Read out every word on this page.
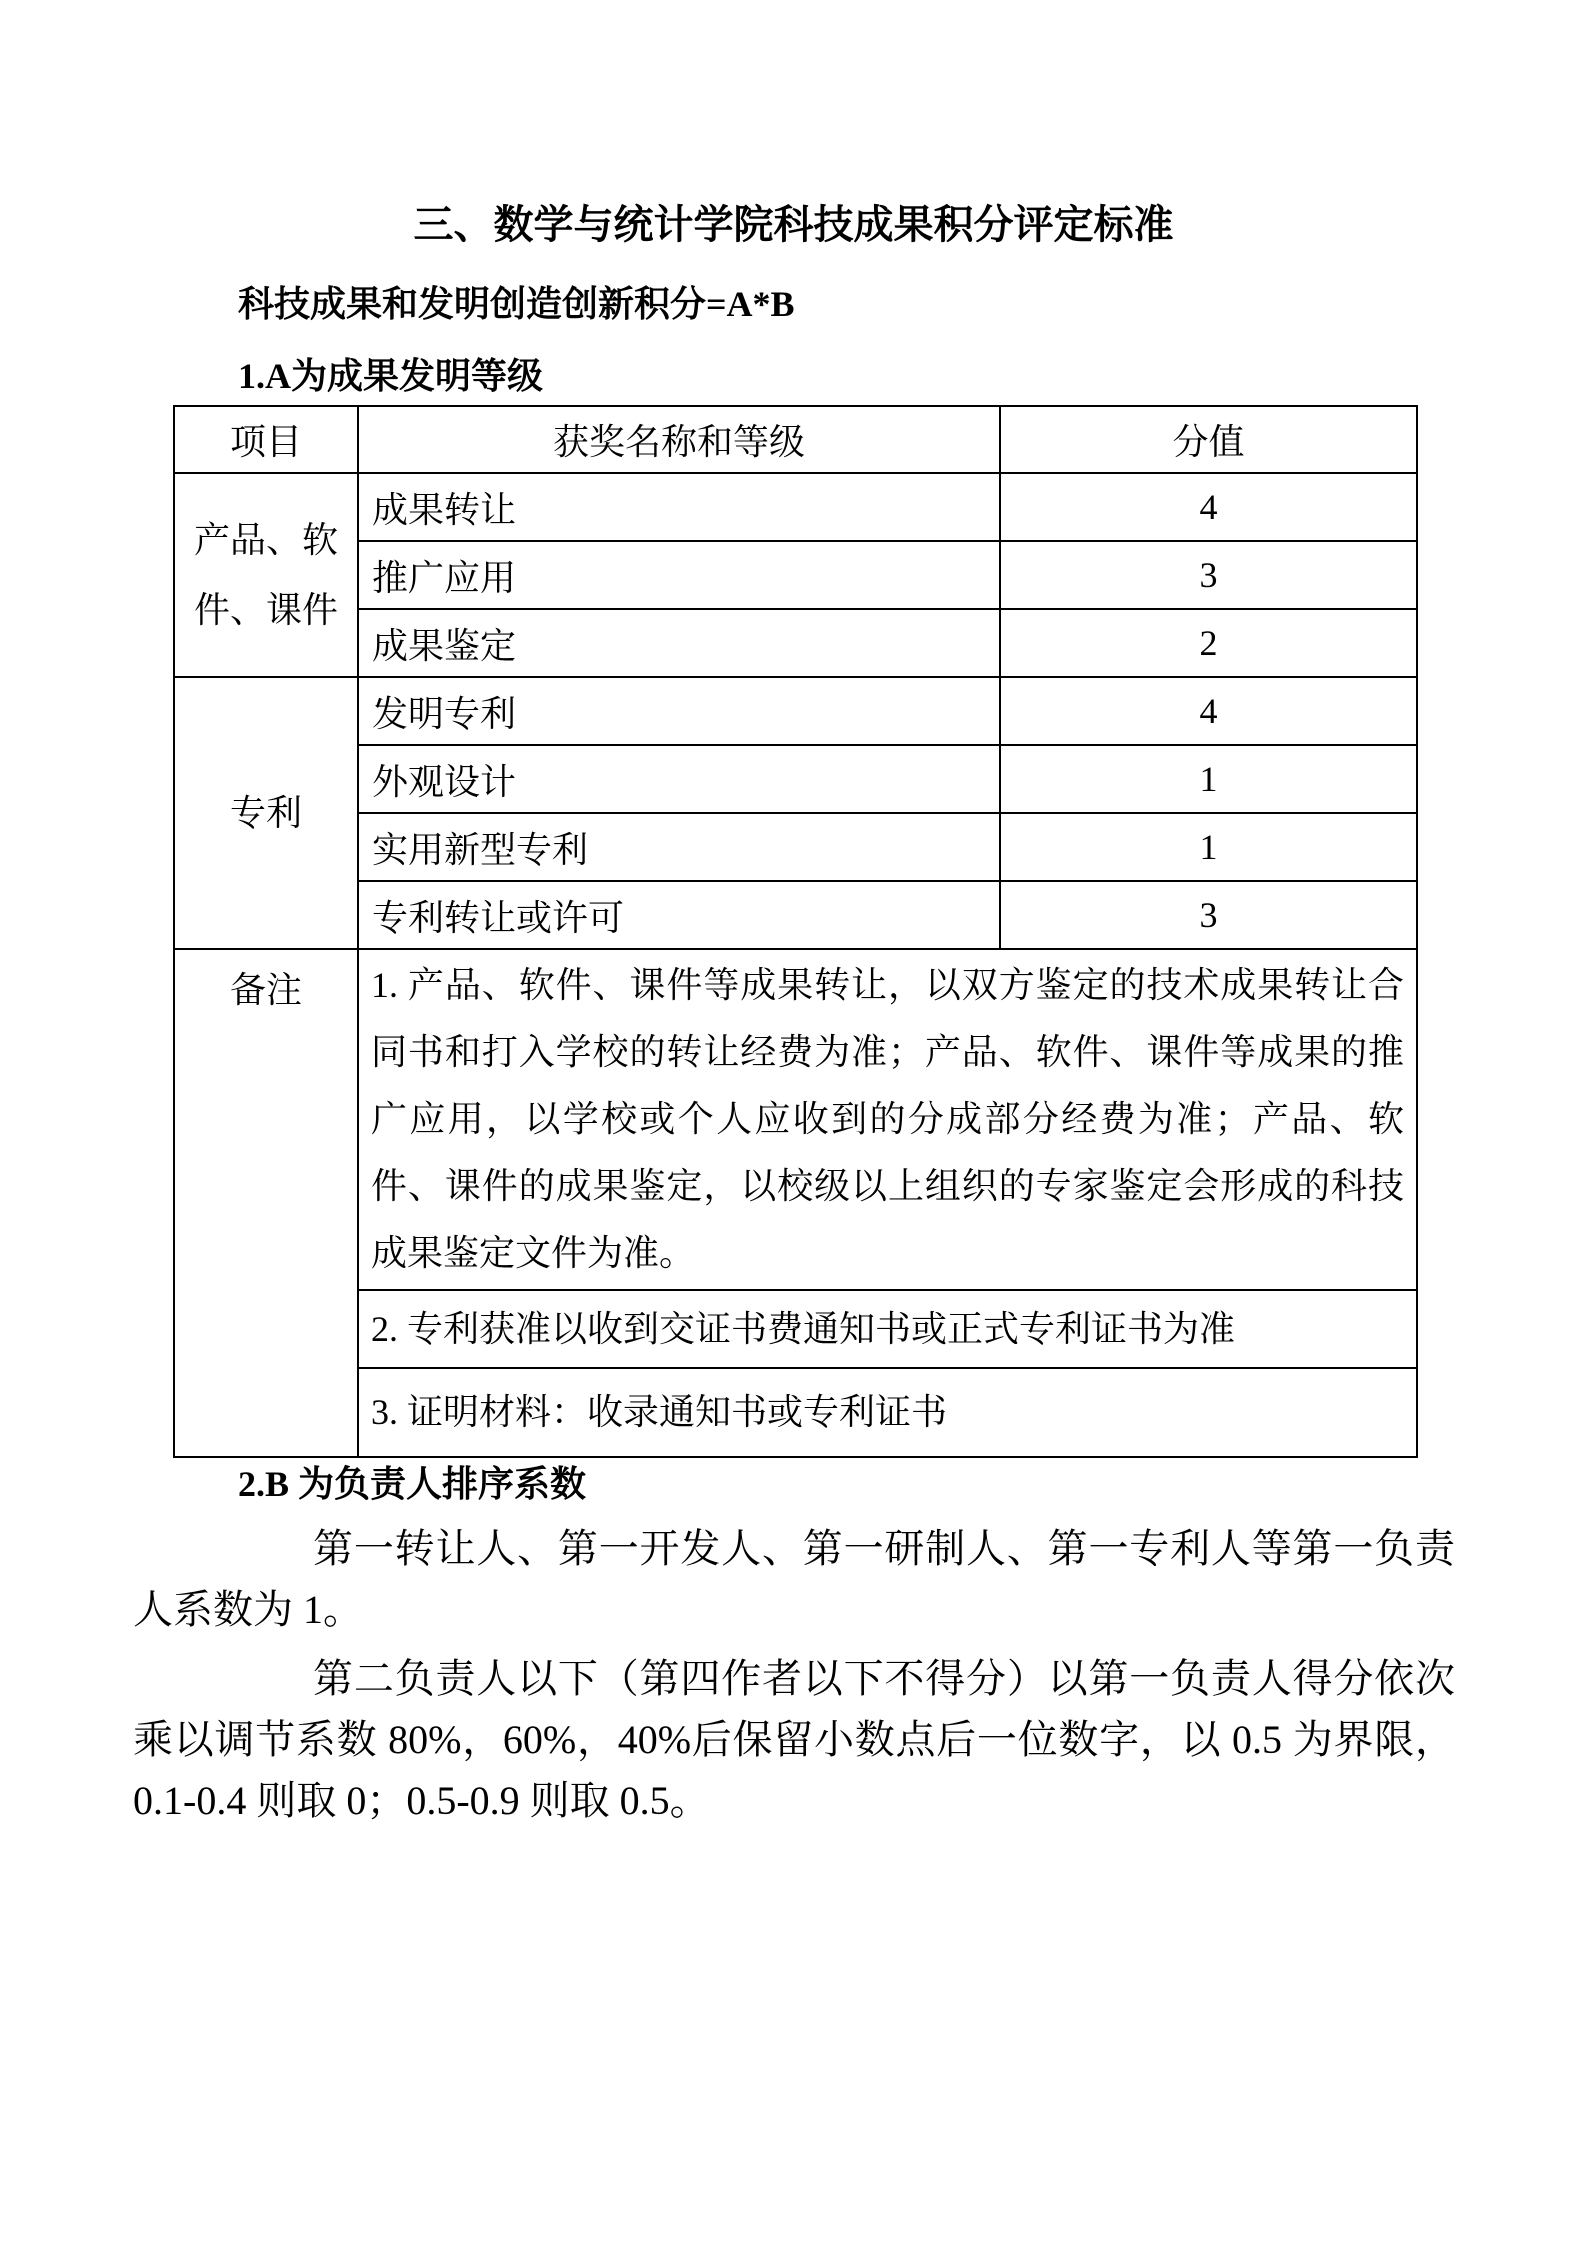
三、数学与统计学院科技成果积分评定标准
科技成果和发明创造创新积分=A*B
1.A为成果发明等级
项目	获奖名称和等级	分值
产品、软件、课件	成果转让	4
	推广应用	3
	成果鉴定	2
专利	发明专利	4
	外观设计	1
	实用新型专利	1
	专利转让或许可	3
备注	1. 产品、软件、课件等成果转让，以双方鉴定的技术成果转让合同书和打入学校的转让经费为准；产品、软件、课件等成果的推广应用，以学校或个人应收到的分成部分经费为准；产品、软件、课件的成果鉴定，以校级以上组织的专家鉴定会形成的科技成果鉴定文件为准。	
	2. 专利获准以收到交证书费通知书或正式专利证书为准	
	3. 证明材料：收录通知书或专利证书	
2.B 为负责人排序系数

第一转让人、第一开发人、第一研制人、第一专利人等第一负责人系数为 1。

第二负责人以下（第四作者以下不得分）以第一负责人得分依次乘以调节系数 80%，60%，40%后保留小数点后一位数字，以 0.5 为界限，0.1-0.4 则取 0；0.5-0.9 则取 0.5。
